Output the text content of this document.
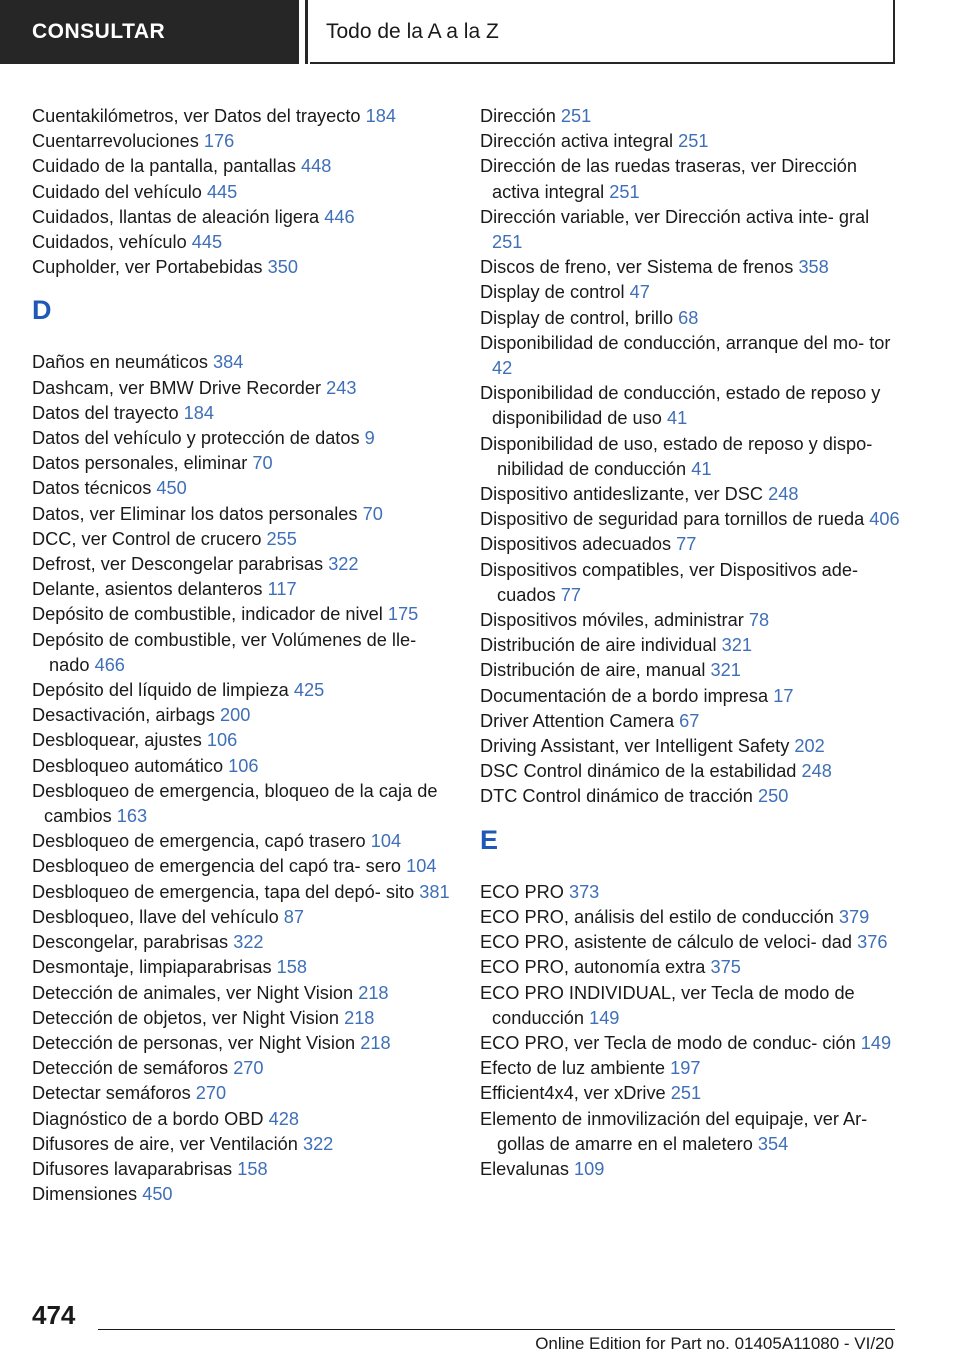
CONSULTAR	Todo de la A a la Z
Cuentakilómetros, ver Datos del trayecto 184
Cuentarrevoluciones 176
Cuidado de la pantalla, pantallas 448
Cuidado del vehículo 445
Cuidados, llantas de aleación ligera 446
Cuidados, vehículo 445
Cupholder, ver Portabebidas 350
D
Daños en neumáticos 384
Dashcam, ver BMW Drive Recorder 243
Datos del trayecto 184
Datos del vehículo y protección de datos 9
Datos personales, eliminar 70
Datos técnicos 450
Datos, ver Eliminar los datos personales 70
DCC, ver Control de crucero 255
Defrost, ver Descongelar parabrisas 322
Delante, asientos delanteros 117
Depósito de combustible, indicador de nivel 175
Depósito de combustible, ver Volúmenes de lle- nado 466
Depósito del líquido de limpieza 425
Desactivación, airbags 200
Desbloquear, ajustes 106
Desbloqueo automático 106
Desbloqueo de emergencia, bloqueo de la caja de cambios 163
Desbloqueo de emergencia, capó trasero 104
Desbloqueo de emergencia del capó tra- sero 104
Desbloqueo de emergencia, tapa del depó- sito 381
Desbloqueo, llave del vehículo 87
Descongelar, parabrisas 322
Desmontaje, limpiaparabrisas 158
Detección de animales, ver Night Vision 218
Detección de objetos, ver Night Vision 218
Detección de personas, ver Night Vision 218
Detección de semáforos 270
Detectar semáforos 270
Diagnóstico de a bordo OBD 428
Difusores de aire, ver Ventilación 322
Difusores lavaparabrisas 158
Dimensiones 450
Dirección 251
Dirección activa integral 251
Dirección de las ruedas traseras, ver Dirección activa integral 251
Dirección variable, ver Dirección activa inte- gral 251
Discos de freno, ver Sistema de frenos 358
Display de control 47
Display de control, brillo 68
Disponibilidad de conducción, arranque del mo- tor 42
Disponibilidad de conducción, estado de reposo y disponibilidad de uso 41
Disponibilidad de uso, estado de reposo y dispo- nibilidad de conducción 41
Dispositivo antideslizante, ver DSC 248
Dispositivo de seguridad para tornillos de rueda 406
Dispositivos adecuados 77
Dispositivos compatibles, ver Dispositivos ade- cuados 77
Dispositivos móviles, administrar 78
Distribución de aire individual 321
Distribución de aire, manual 321
Documentación de a bordo impresa 17
Driver Attention Camera 67
Driving Assistant, ver Intelligent Safety 202
DSC Control dinámico de la estabilidad 248
DTC Control dinámico de tracción 250
E
ECO PRO 373
ECO PRO, análisis del estilo de conducción 379
ECO PRO, asistente de cálculo de veloci- dad 376
ECO PRO, autonomía extra 375
ECO PRO INDIVIDUAL, ver Tecla de modo de conducción 149
ECO PRO, ver Tecla de modo de conduc- ción 149
Efecto de luz ambiente 197
Efficient4x4, ver xDrive 251
Elemento de inmovilización del equipaje, ver Ar- gollas de amarre en el maletero 354
Elevalunas 109
474
Online Edition for Part no. 01405A11080 - VI/20
